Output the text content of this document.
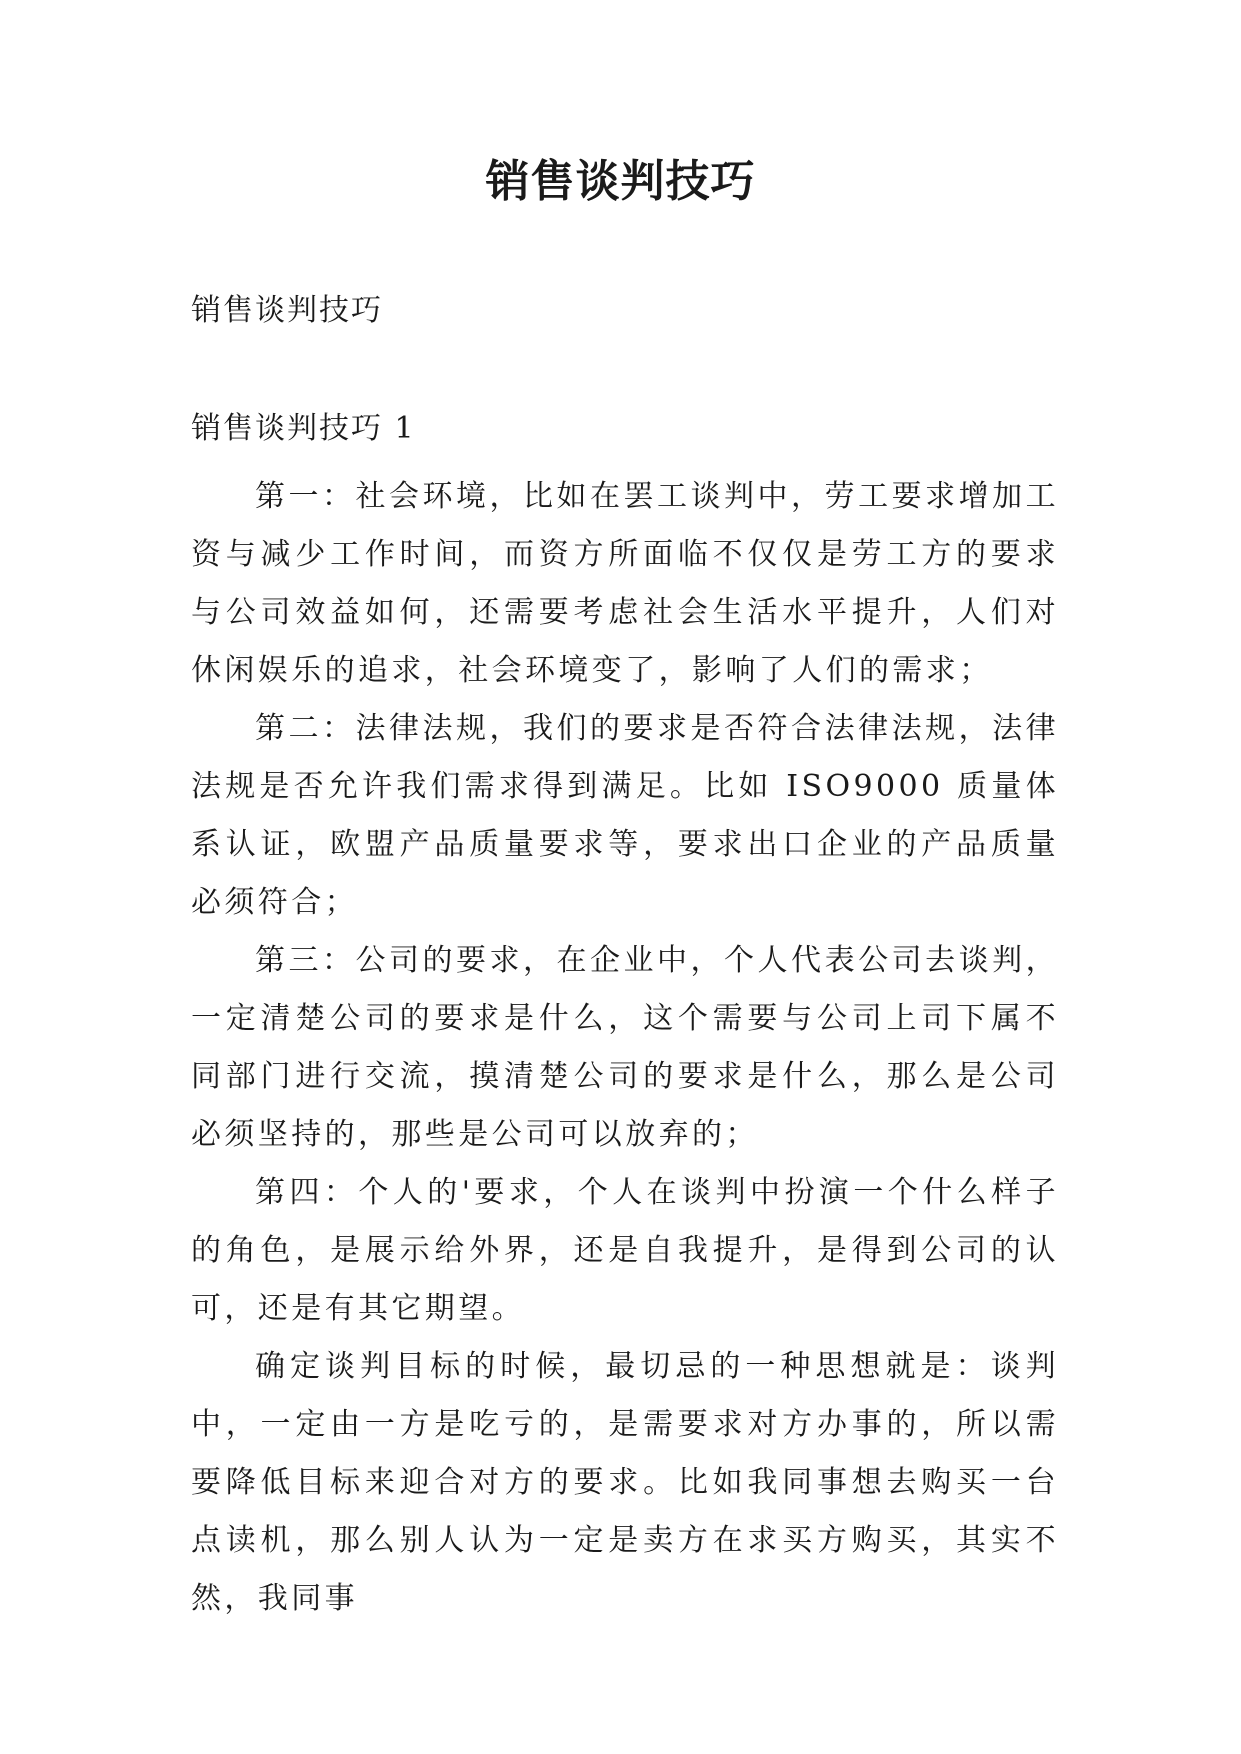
销售谈判技巧
销售谈判技巧
销售谈判技巧 1

第一：社会环境，比如在罢工谈判中，劳工要求增加工资与减少工作时间，而资方所面临不仅仅是劳工方的要求与公司效益如何，还需要考虑社会生活水平提升，人们对休闲娱乐的追求，社会环境变了，影响了人们的需求；

第二：法律法规，我们的要求是否符合法律法规，法律法规是否允许我们需求得到满足。比如 ISO9000 质量体系认证，欧盟产品质量要求等，要求出口企业的产品质量必须符合；

第三：公司的要求，在企业中，个人代表公司去谈判，一定清楚公司的要求是什么，这个需要与公司上司下属不同部门进行交流，摸清楚公司的要求是什么，那么是公司必须坚持的，那些是公司可以放弃的；

第四：个人的'要求，个人在谈判中扮演一个什么样子的角色，是展示给外界，还是自我提升，是得到公司的认可，还是有其它期望。

确定谈判目标的时候，最切忌的一种思想就是：谈判中，一定由一方是吃亏的，是需要求对方办事的，所以需要降低目标来迎合对方的要求。比如我同事想去购买一台点读机，那么别人认为一定是卖方在求买方购买，其实不然，我同事
